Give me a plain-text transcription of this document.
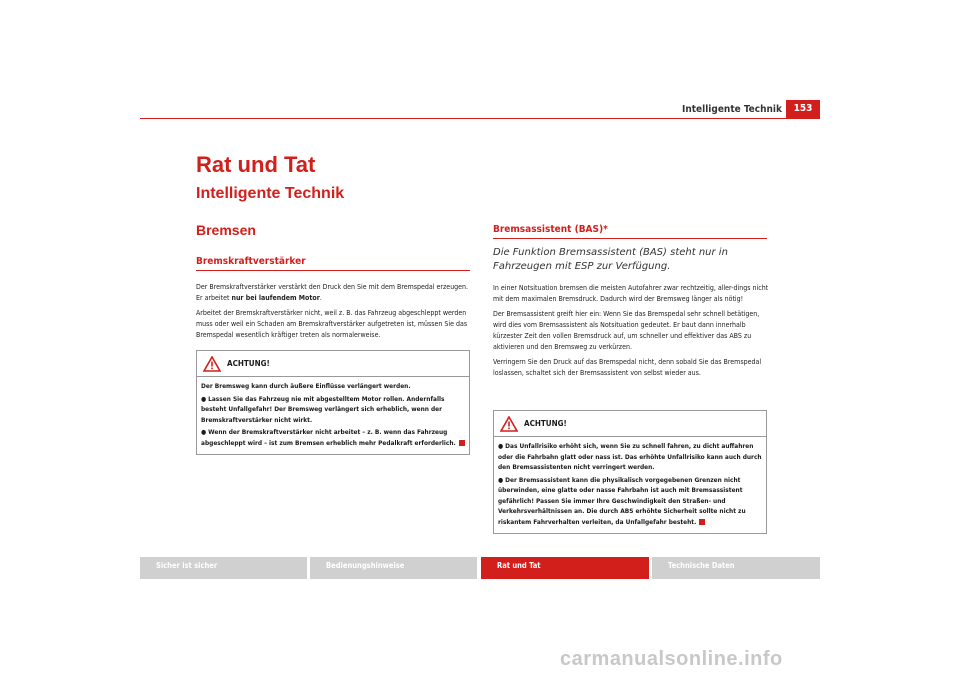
Intelligente Technik	153
Rat und Tat
Intelligente Technik
Bremsen
Bremskraftverstärker

Der Bremskraftverstärker verstärkt den Druck den Sie mit dem Bremspedal erzeugen. Er arbeitet nur bei laufendem Motor.

Arbeitet der Bremskraftverstärker nicht, weil z. B. das Fahrzeug abgeschleppt werden muss oder weil ein Schaden am Bremskraftverstärker aufgetreten ist, müssen Sie das Bremspedal wesentlich kräftiger treten als normalerweise.

ACHTUNG!

Der Bremsweg kann durch äußere Einflüsse verlängert werden.

● Lassen Sie das Fahrzeug nie mit abgestelltem Motor rollen. Andernfalls besteht Unfallgefahr! Der Bremsweg verlängert sich erheblich, wenn der Bremskraftverstärker nicht wirkt.

● Wenn der Bremskraftverstärker nicht arbeitet – z. B. wenn das Fahrzeug abgeschleppt wird – ist zum Bremsen erheblich mehr Pedalkraft erforderlich.

Bremsassistent (BAS)*
Die Funktion Bremsassistent (BAS) steht nur in Fahrzeugen mit ESP zur Verfügung.

In einer Notsituation bremsen die meisten Autofahrer zwar rechtzeitig, aller-dings nicht mit dem maximalen Bremsdruck. Dadurch wird der Bremsweg länger als nötig!

Der Bremsassistent greift hier ein: Wenn Sie das Bremspedal sehr schnell betätigen, wird dies vom Bremsassistent als Notsituation gedeutet. Er baut dann innerhalb kürzester Zeit den vollen Bremsdruck auf, um schneller und effektiver das ABS zu aktivieren und den Bremsweg zu verkürzen.

Verringern Sie den Druck auf das Bremspedal nicht, denn sobald Sie das Bremspedal loslassen, schaltet sich der Bremsassistent von selbst wieder aus.

ACHTUNG!

● Das Unfallrisiko erhöht sich, wenn Sie zu schnell fahren, zu dicht auffahren oder die Fahrbahn glatt oder nass ist. Das erhöhte Unfallrisiko kann auch durch den Bremsassistenten nicht verringert werden.

● Der Bremsassistent kann die physikalisch vorgegebenen Grenzen nicht überwinden, eine glatte oder nasse Fahrbahn ist auch mit Bremsassistent gefährlich! Passen Sie immer Ihre Geschwindigkeit den Straßen- und Verkehrsverhältnissen an. Die durch ABS erhöhte Sicherheit sollte nicht zu riskantem Fahrverhalten verleiten, da Unfallgefahr besteht.

Sicher ist sicher	Bedienungshinweise	Rat und Tat	Technische Daten
carmanualsonline.info
